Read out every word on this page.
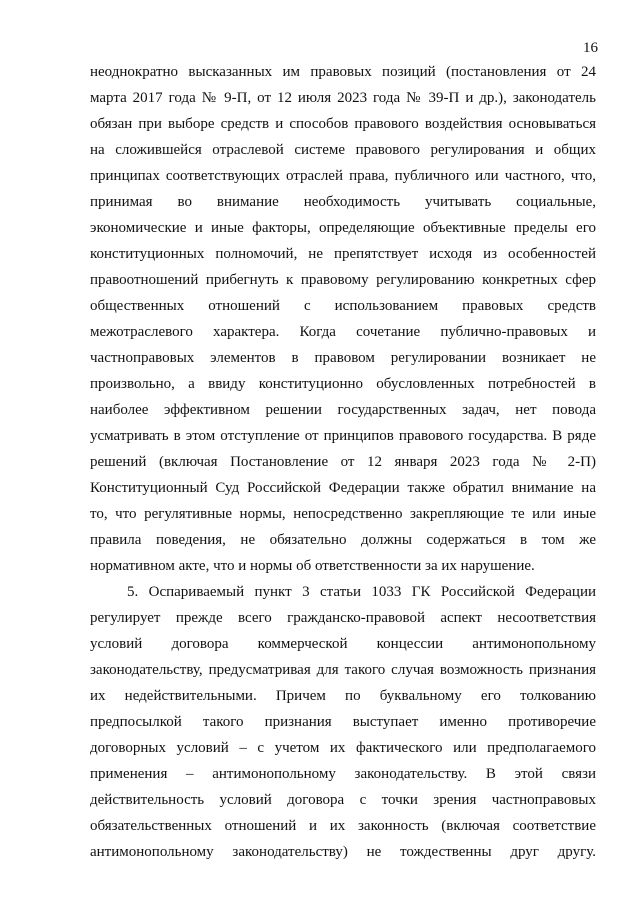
16

неоднократно высказанных им правовых позиций (постановления от 24
марта 2017 года № 9-П, от 12 июля 2023 года № 39-П и др.), законодатель
обязан при выборе средств и способов правового воздействия основываться
на сложившейся отраслевой системе правового регулирования и общих
принципах соответствующих отраслей права, публичного или частного, что,
принимая во внимание необходимость учитывать социальные,
экономические и иные факторы, определяющие объективные пределы его
конституционных полномочий, не препятствует исходя из особенностей
правоотношений прибегнуть к правовому регулированию конкретных сфер
общественных отношений с использованием правовых средств
межотраслевого характера. Когда сочетание публично-правовых и
частноправовых элементов в правовом регулировании возникает не
произвольно, а ввиду конституционно обусловленных потребностей в
наиболее эффективном решении государственных задач, нет повода
усматривать в этом отступление от принципов правового государства. В ряде
решений (включая Постановление от 12 января 2023 года № 2-П)
Конституционный Суд Российской Федерации также обратил внимание на
то, что регулятивные нормы, непосредственно закрепляющие те или иные
правила поведения, не обязательно должны содержаться в том же
нормативном акте, что и нормы об ответственности за их нарушение.
5. Оспариваемый пункт 3 статьи 1033 ГК Российской Федерации
регулирует прежде всего гражданско-правовой аспект несоответствия
условий договора коммерческой концессии антимонопольному
законодательству, предусматривая для такого случая возможность признания
их недействительными. Причем по буквальному его толкованию
предпосылкой такого признания выступает именно противоречие
договорных условий – с учетом их фактического или предполагаемого
применения – антимонопольному законодательству. В этой связи
действительность условий договора с точки зрения частноправовых
обязательственных отношений и их законность (включая соответствие
антимонопольному законодательству) не тождественны друг другу.
